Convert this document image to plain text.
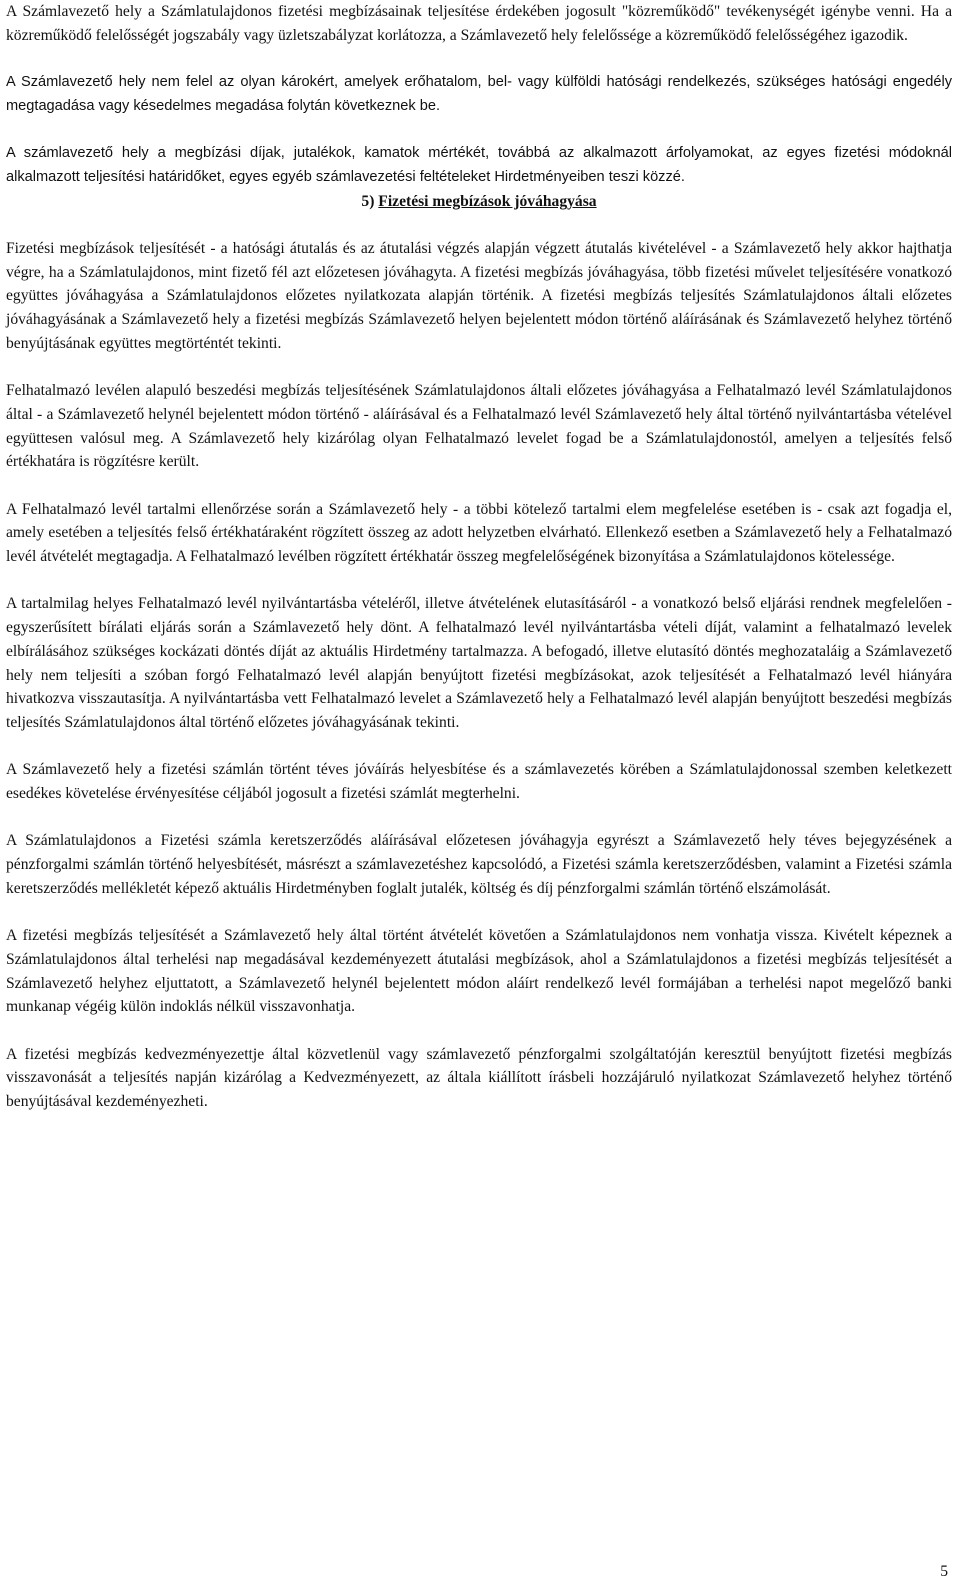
A Számlavezető hely a Számlatulajdonos fizetési megbízásainak teljesítése érdekében jogosult "közreműködő" tevékenységét igénybe venni. Ha a közreműködő felelősségét jogszabály vagy üzletszabályzat korlátozza, a Számlavezető hely felelőssége a közreműködő felelősségéhez igazodik.

A Számlavezető hely nem felel az olyan károkért, amelyek erőhatalom, bel- vagy külföldi hatósági rendelkezés, szükséges hatósági engedély megtagadása vagy késedelmes megadása folytán következnek be.

A számlavezető hely a megbízási díjak, jutalékok, kamatok mértékét, továbbá az alkalmazott árfolyamokat, az egyes fizetési módoknál alkalmazott teljesítési határidőket, egyes egyéb számlavezetési feltételeket Hirdetményeiben teszi közzé.

5) Fizetési megbízások jóváhagyása

Fizetési megbízások teljesítését - a hatósági átutalás és az átutalási végzés alapján végzett átutalás kivételével - a Számlavezető hely akkor hajthatja végre, ha a Számlatulajdonos, mint fizető fél azt előzetesen jóváhagyta. A fizetési megbízás jóváhagyása, több fizetési művelet teljesítésére vonatkozó együttes jóváhagyása a Számlatulajdonos előzetes nyilatkozata alapján történik. A fizetési megbízás teljesítés Számlatulajdonos általi előzetes jóváhagyásának a Számlavezető hely a fizetési megbízás Számlavezető helyen bejelentett módon történő aláírásának és Számlavezető helyhez történő benyújtásának együttes megtörténtét tekinti.

Felhatalmazó levélen alapuló beszedési megbízás teljesítésének Számlatulajdonos általi előzetes jóváhagyása a Felhatalmazó levél Számlatulajdonos által - a Számlavezető helynél bejelentett módon történő - aláírásával és a Felhatalmazó levél Számlavezető hely által történő nyilvántartásba vételével együttesen valósul meg. A Számlavezető hely kizárólag olyan Felhatalmazó levelet fogad be a Számlatulajdonostól, amelyen a teljesítés felső értékhatára is rögzítésre került.

A Felhatalmazó levél tartalmi ellenőrzése során a Számlavezető hely - a többi kötelező tartalmi elem megfelelése esetében is - csak azt fogadja el, amely esetében a teljesítés felső értékhatáraként rögzített összeg az adott helyzetben elvárható. Ellenkező esetben a Számlavezető hely a Felhatalmazó levél átvételét megtagadja. A Felhatalmazó levélben rögzített értékhatár összeg megfelelőségének bizonyítása a Számlatulajdonos kötelessége.

A tartalmilag helyes Felhatalmazó levél nyilvántartásba vételéről, illetve átvételének elutasításáról - a vonatkozó belső eljárási rendnek megfelelően - egyszerűsített bírálati eljárás során a Számlavezető hely dönt. A felhatalmazó levél nyilvántartásba vételi díját, valamint a felhatalmazó levelek elbírálásához szükséges kockázati döntés díját az aktuális Hirdetmény tartalmazza. A befogadó, illetve elutasító döntés meghozataláig a Számlavezető hely nem teljesíti a szóban forgó Felhatalmazó levél alapján benyújtott fizetési megbízásokat, azok teljesítését a Felhatalmazó levél hiányára hivatkozva visszautasítja. A nyilvántartásba vett Felhatalmazó levelet a Számlavezető hely a Felhatalmazó levél alapján benyújtott beszedési megbízás teljesítés Számlatulajdonos által történő előzetes jóváhagyásának tekinti.

A Számlavezető hely a fizetési számlán történt téves jóváírás helyesbítése és a számlavezetés körében a Számlatulajdonossal szemben keletkezett esedékes követelése érvényesítése céljából jogosult a fizetési számlát megterhelni.

A Számlatulajdonos a Fizetési számla keretszerződés aláírásával előzetesen jóváhagyja egyrészt a Számlavezető hely téves bejegyzésének a pénzforgalmi számlán történő helyesbítését, másrészt a számlavezetéshez kapcsolódó, a Fizetési számla keretszerződésben, valamint a Fizetési számla keretszerződés mellékletét képező aktuális Hirdetményben foglalt jutalék, költség és díj pénzforgalmi számlán történő elszámolását.

A fizetési megbízás teljesítését a Számlavezető hely által történt átvételét követően a Számlatulajdonos nem vonhatja vissza. Kivételt képeznek a Számlatulajdonos által terhelési nap megadásával kezdeményezett átutalási megbízások, ahol a Számlatulajdonos a fizetési megbízás teljesítését a Számlavezető helyhez eljuttatott, a Számlavezető helynél bejelentett módon aláírt rendelkező levél formájában a terhelési napot megelőző banki munkanap végéig külön indoklás nélkül visszavonhatja.

A fizetési megbízás kedvezményezettje által közvetlenül vagy számlavezető pénzforgalmi szolgáltatóján keresztül benyújtott fizetési megbízás visszavonását a teljesítés napján kizárólag a Kedvezményezett, az általa kiállított írásbeli hozzájáruló nyilatkozat Számlavezető helyhez történő benyújtásával kezdeményezheti.

5
